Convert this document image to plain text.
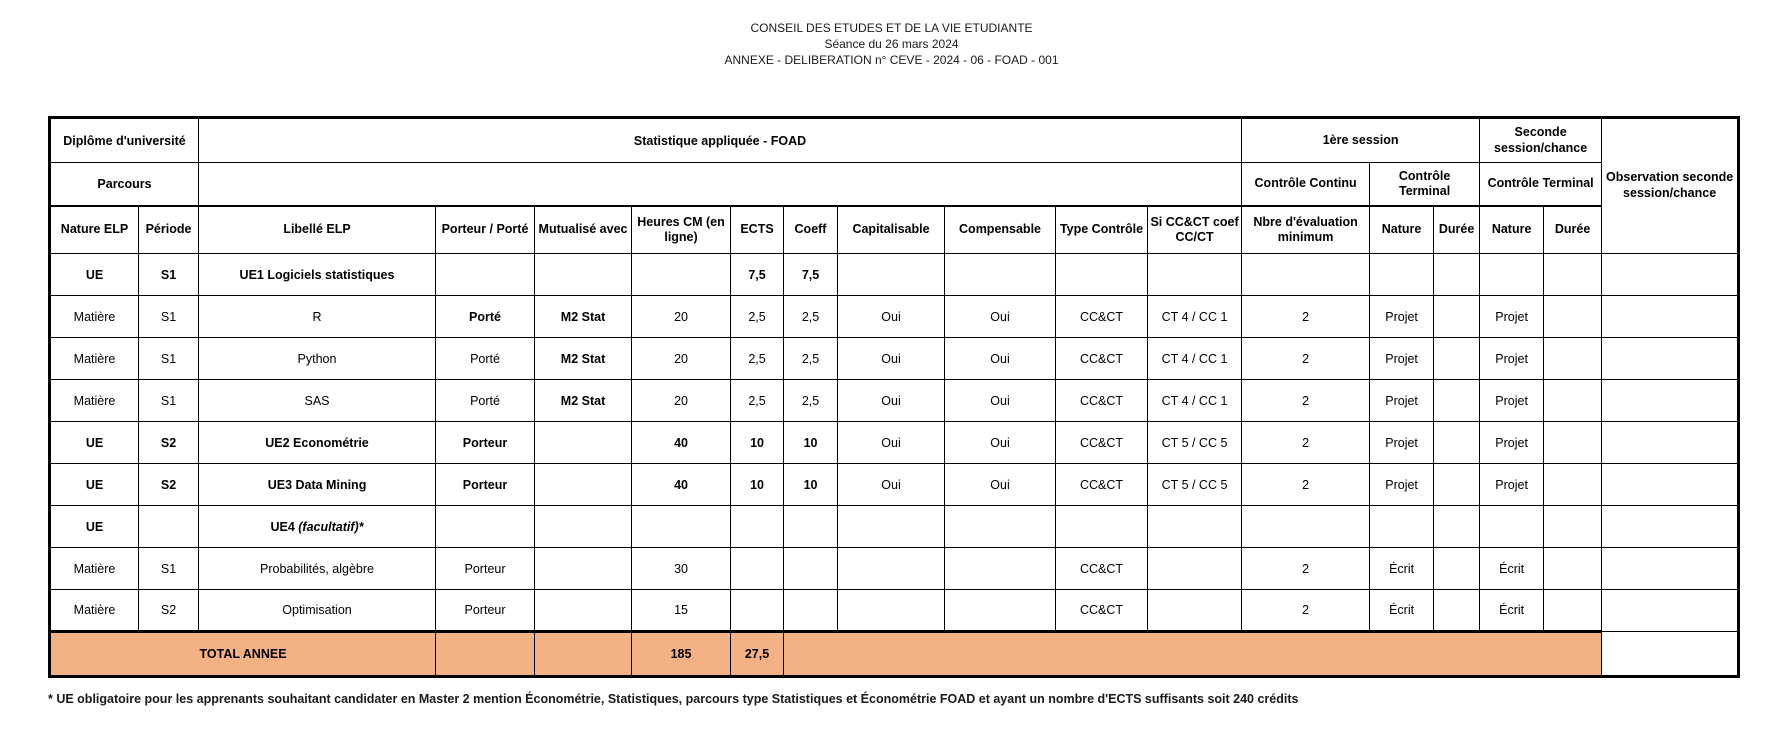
CONSEIL DES ETUDES ET DE LA VIE ETUDIANTE
Séance du 26 mars 2024
ANNEXE - DELIBERATION n° CEVE - 2024 - 06 - FOAD - 001
Diplôme d'université		Statistique appliquée - FOAD										1ère session			Seconde session/chance		Observation seconde session/chance
Parcours												Contrôle Continu	Contrôle Terminal		Contrôle Terminal		
Nature ELP	Période	Libellé ELP	Porteur / Porté	Mutualisé avec	Heures CM (en ligne)	ECTS	Coeff	Capitalisable	Compensable	Type Contrôle	Si CC&CT coef CC/CT	Nbre d'évaluation minimum	Nature	Durée	Nature	Durée	
UE	S1	UE1 Logiciels statistiques				7,5	7,5										
Matière	S1	R	Porté	M2 Stat	20	2,5	2,5	Oui	Oui	CC&CT	CT 4 / CC 1	2	Projet		Projet		
Matière	S1	Python	Porté	M2 Stat	20	2,5	2,5	Oui	Oui	CC&CT	CT 4 / CC 1	2	Projet		Projet		
Matière	S1	SAS	Porté	M2 Stat	20	2,5	2,5	Oui	Oui	CC&CT	CT 4 / CC 1	2	Projet		Projet		
UE	S2	UE2 Econométrie	Porteur		40	10	10	Oui	Oui	CC&CT	CT 5 / CC 5	2	Projet		Projet		
UE	S2	UE3 Data Mining	Porteur		40	10	10	Oui	Oui	CC&CT	CT 5 / CC 5	2	Projet		Projet		
UE		UE4 (facultatif)*															
Matière	S1	Probabilités, algèbre	Porteur		30					CC&CT		2	Écrit		Écrit		
Matière	S2	Optimisation	Porteur		15					CC&CT		2	Écrit		Écrit		
TOTAL ANNEE					185	27,5											
* UE obligatoire pour les apprenants souhaitant candidater en Master 2 mention Économétrie, Statistiques, parcours type Statistiques et Économétrie FOAD et ayant un nombre d'ECTS suffisants soit 240 crédits
